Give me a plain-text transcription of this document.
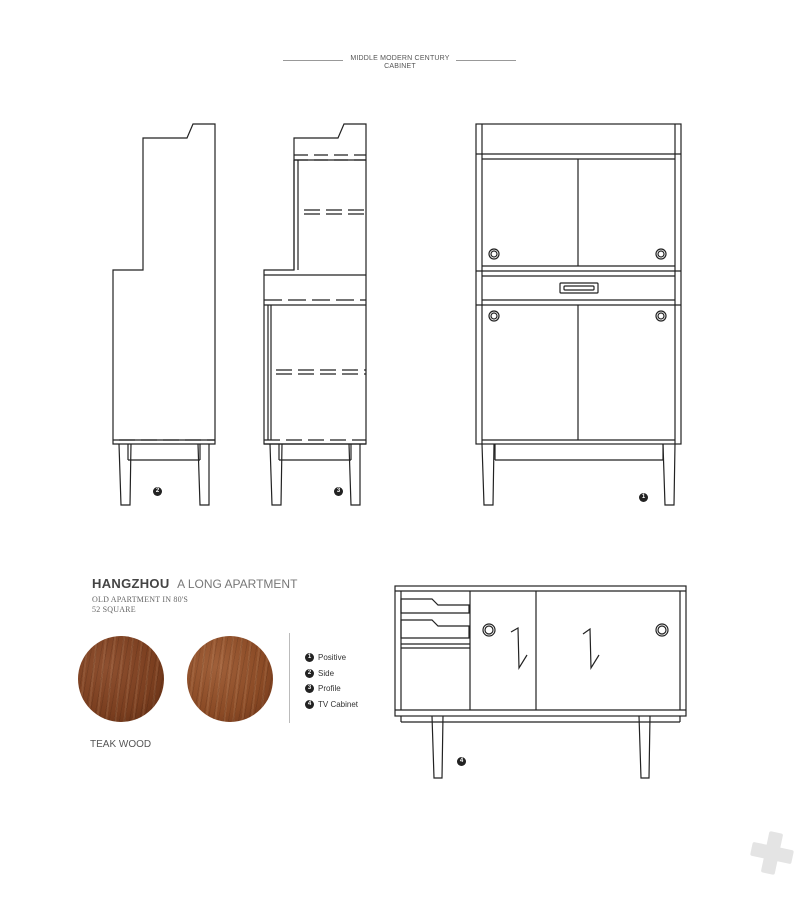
MIDDLE MODERN CENTURY
CABINET
2	3
1
4
HANGZHOU A LONG APARTMENT
OLD APARTMENT IN 80'S
52 SQUARE
TEAK WOOD
1 Positive
2 Side
3 Profile
4 TV Cabinet
